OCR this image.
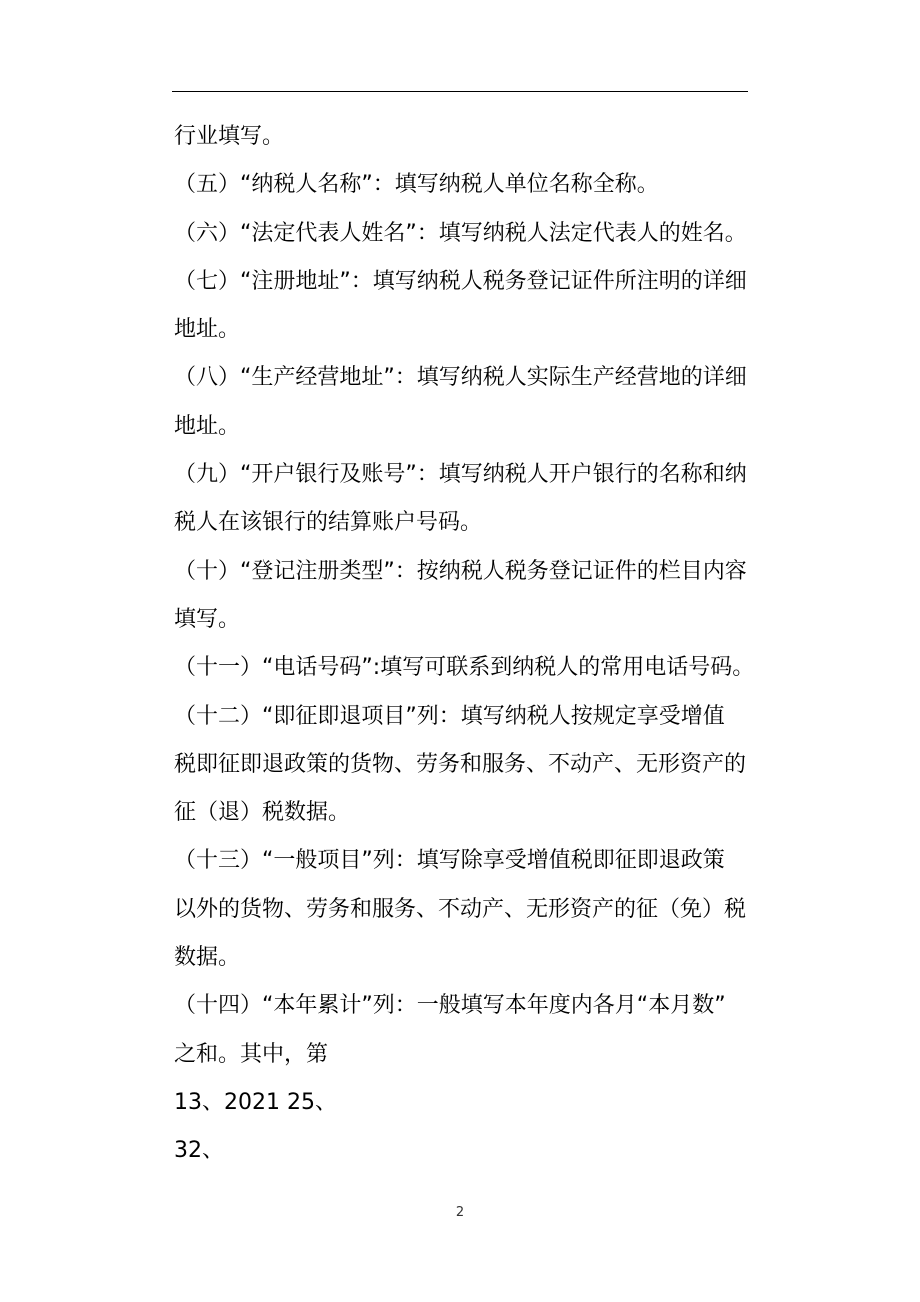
行业填写。
（五）“纳税人名称”：填写纳税人单位名称全称。
（六）“法定代表人姓名”：填写纳税人法定代表人的姓名。
（七）“注册地址”：填写纳税人税务登记证件所注明的详细
地址。
（八）“生产经营地址”：填写纳税人实际生产经营地的详细
地址。
（九）“开户银行及账号”：填写纳税人开户银行的名称和纳
税人在该银行的结算账户号码。
（十）“登记注册类型”：按纳税人税务登记证件的栏目内容
填写。
（十一）“电话号码”:填写可联系到纳税人的常用电话号码。
（十二）“即征即退项目”列：填写纳税人按规定享受增值
税即征即退政策的货物、劳务和服务、不动产、无形资产的
征（退）税数据。
（十三）“一般项目”列：填写除享受增值税即征即退政策
以外的货物、劳务和服务、不动产、无形资产的征（免）税
数据。
（十四）“本年累计”列：一般填写本年度内各月“本月数”
之和。其中，第
13、2021 25、
32、
2
